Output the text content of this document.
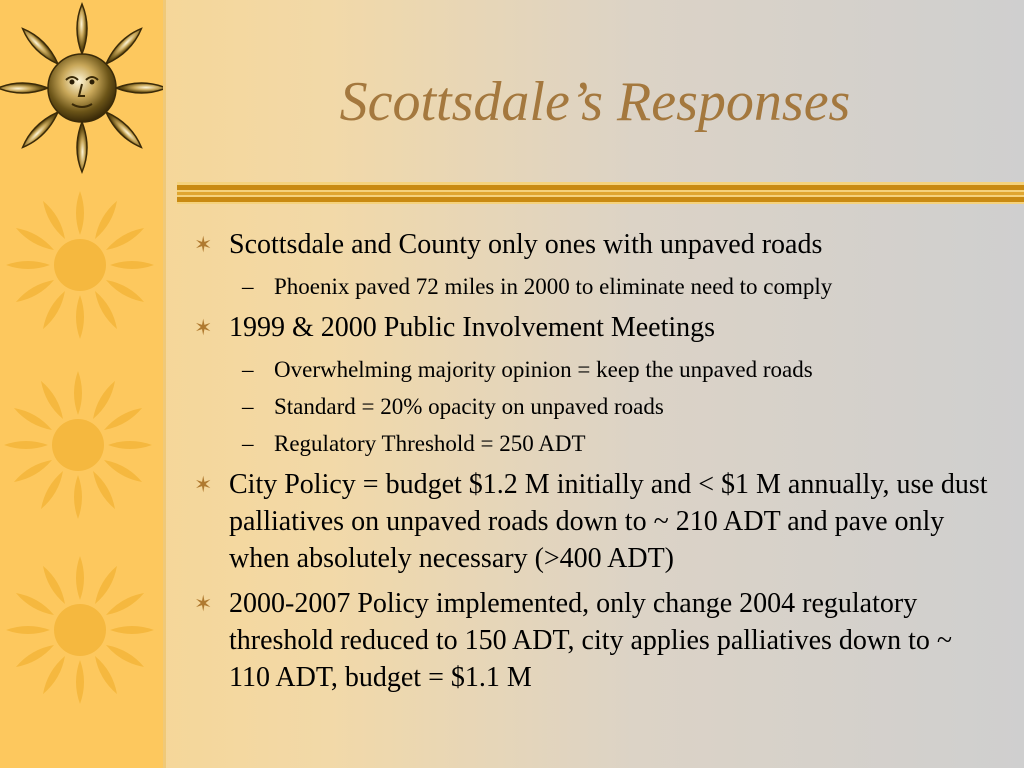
Scottsdale’s Responses
✶ Scottsdale and County only ones with unpaved roads
– Phoenix paved 72 miles in 2000 to eliminate need to comply
✶ 1999 & 2000 Public Involvement Meetings
– Overwhelming majority opinion = keep the unpaved roads
– Standard = 20% opacity on unpaved roads
– Regulatory Threshold = 250 ADT
✶ City Policy = budget $1.2 M initially and < $1 M annually, use dust palliatives on unpaved roads down to ~ 210 ADT and pave only when absolutely necessary (>400 ADT)
✶ 2000-2007 Policy implemented, only change 2004 regulatory threshold reduced to 150 ADT, city applies palliatives down to ~ 110 ADT, budget = $1.1 M
